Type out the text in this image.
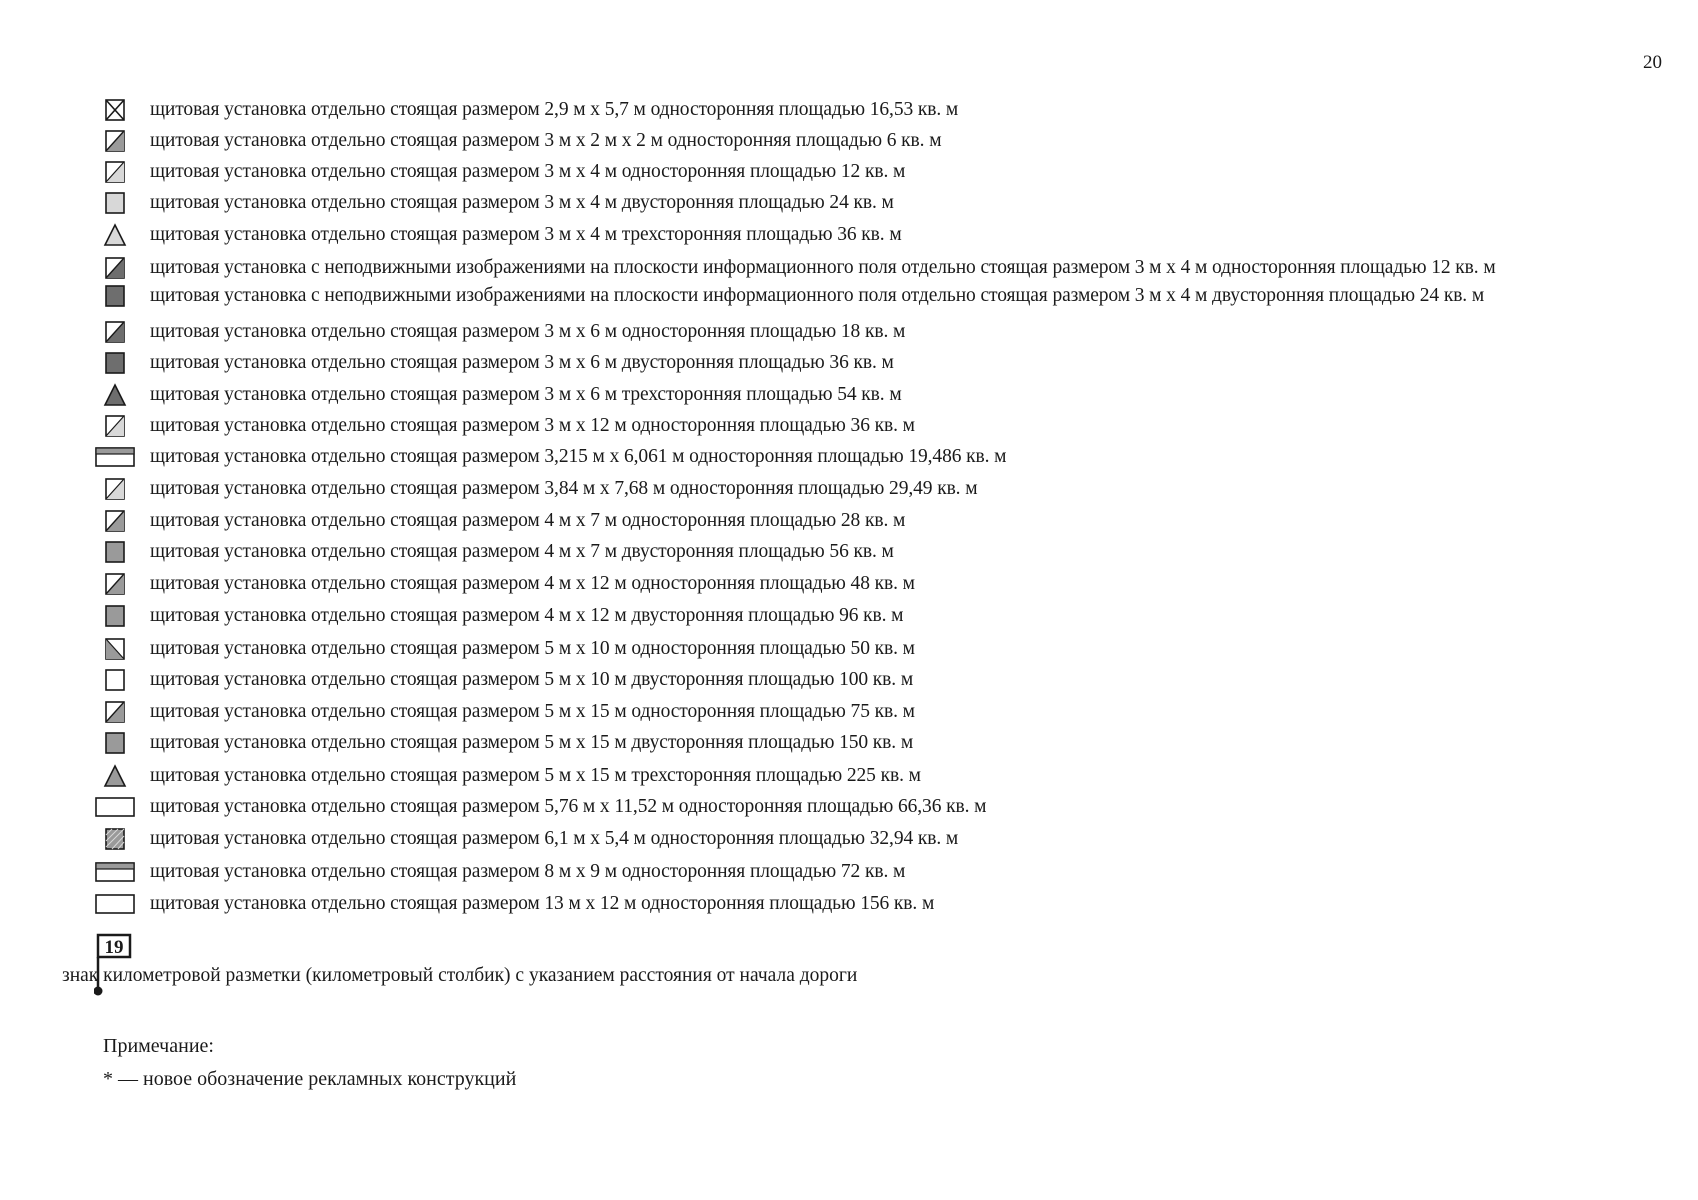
20
щитовая установка отдельно стоящая размером 2,9 м х 5,7 м односторонняя площадью 16,53 кв. м
щитовая установка отдельно стоящая размером 3 м х 2 м х 2 м односторонняя площадью 6 кв. м
щитовая установка отдельно стоящая размером 3 м х 4 м односторонняя площадью 12 кв. м
щитовая установка отдельно стоящая размером 3 м х 4 м двусторонняя площадью 24 кв. м
щитовая установка отдельно стоящая размером 3 м х 4 м трехсторонняя площадью 36 кв. м
щитовая установка с неподвижными изображениями на плоскости информационного поля отдельно стоящая размером 3 м х 4 м односторонняя площадью 12 кв. м
щитовая установка с неподвижными изображениями на плоскости информационного поля отдельно стоящая размером 3 м х 4 м двусторонняя площадью 24 кв. м
щитовая установка отдельно стоящая размером 3 м х 6 м односторонняя площадью 18 кв. м
щитовая установка отдельно стоящая размером 3 м х 6 м двусторонняя площадью 36 кв. м
щитовая установка отдельно стоящая размером 3 м х 6 м трехсторонняя площадью 54 кв. м
щитовая установка отдельно стоящая размером 3 м х 12 м односторонняя площадью 36 кв. м
щитовая установка отдельно стоящая размером 3,215 м х 6,061 м односторонняя площадью 19,486 кв. м
щитовая установка отдельно стоящая размером 3,84 м х 7,68 м односторонняя площадью 29,49 кв. м
щитовая установка отдельно стоящая размером 4 м х 7 м односторонняя площадью 28 кв. м
щитовая установка отдельно стоящая размером 4 м х 7 м двусторонняя площадью 56 кв. м
щитовая установка отдельно стоящая размером 4 м х 12 м односторонняя площадью 48 кв. м
щитовая установка отдельно стоящая размером 4 м х 12 м двусторонняя площадью 96 кв. м
щитовая установка отдельно стоящая размером 5 м х 10 м односторонняя площадью 50 кв. м
щитовая установка отдельно стоящая размером 5 м х 10 м двусторонняя площадью 100 кв. м
щитовая установка отдельно стоящая размером 5 м х 15 м односторонняя площадью 75 кв. м
щитовая установка отдельно стоящая размером 5 м х 15 м двусторонняя площадью 150 кв. м
щитовая установка отдельно стоящая размером 5 м х 15 м трехсторонняя площадью 225 кв. м
щитовая установка отдельно стоящая размером 5,76 м х 11,52 м односторонняя площадью 66,36 кв. м
щитовая установка отдельно стоящая размером 6,1 м х 5,4 м односторонняя площадью 32,94 кв. м
щитовая установка отдельно стоящая размером 8 м х 9 м односторонняя площадью 72 кв. м
щитовая установка отдельно стоящая размером 13 м х 12 м односторонняя площадью 156 кв. м
19
знак километровой разметки (километровый столбик) с указанием расстояния от начала дороги
Примечание:
* — новое обозначение рекламных конструкций
